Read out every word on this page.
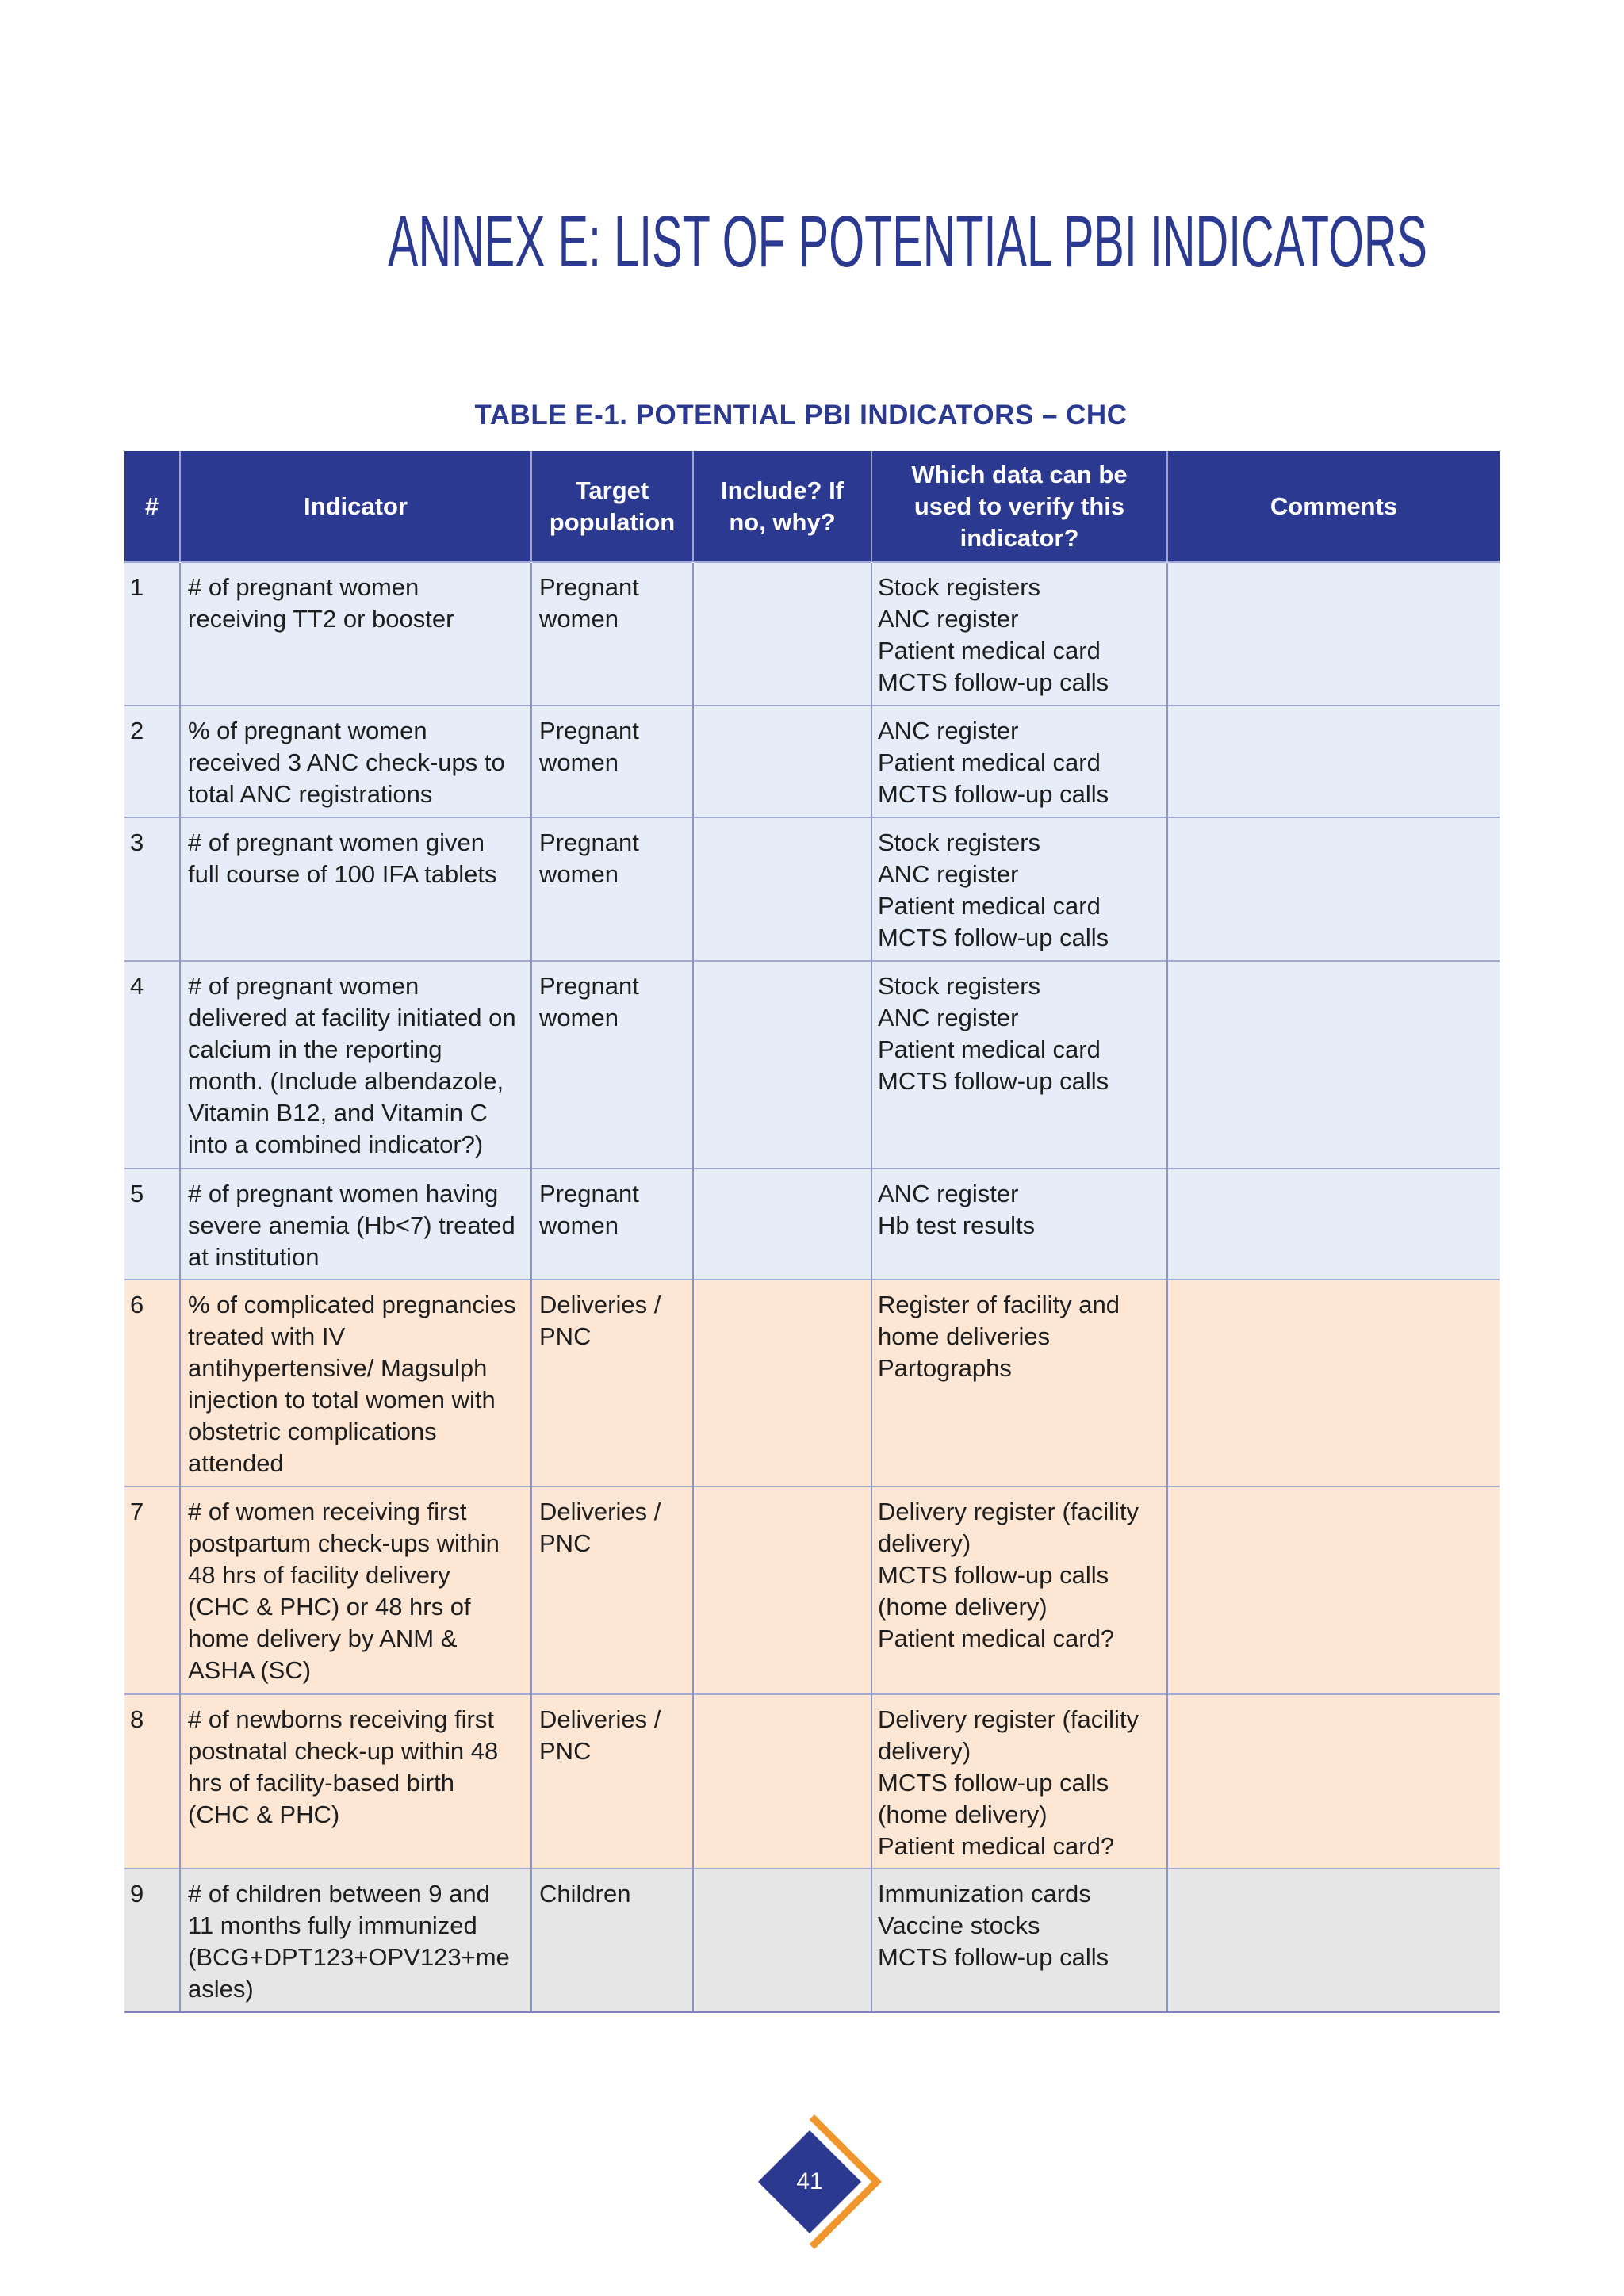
ANNEX E: LIST OF POTENTIAL PBI INDICATORS
TABLE E-1. POTENTIAL PBI INDICATORS – CHC
#	Indicator	Target population	Include? If no, why?	Which data can be used to verify this indicator?	Comments
1	# of pregnant women receiving TT2 or booster	Pregnant women		Stock registers
ANC register
Patient medical card
MCTS follow-up calls	

2	% of pregnant women received 3 ANC check-ups to total ANC registrations	Pregnant women		ANC register
Patient medical card
MCTS follow-up calls	

3	# of pregnant women given full course of 100 IFA tablets	Pregnant women		Stock registers
ANC register
Patient medical card
MCTS follow-up calls	

4	# of pregnant women delivered at facility initiated on calcium in the reporting month. (Include albendazole, Vitamin B12, and Vitamin C into a combined indicator?)	Pregnant women		Stock registers
ANC register
Patient medical card
MCTS follow-up calls	

5	# of pregnant women having severe anemia (Hb<7) treated at institution	Pregnant women		ANC register
Hb test results	

6	% of complicated pregnancies treated with IV antihypertensive/ Magsulph injection to total women with obstetric complications attended	Deliveries / PNC		Register of facility and home deliveries
Partographs	

7	# of women receiving first postpartum check-ups within 48 hrs of facility delivery (CHC & PHC) or 48 hrs of home delivery by ANM & ASHA (SC)	Deliveries / PNC		Delivery register (facility delivery)
MCTS follow-up calls (home delivery)
Patient medical card?	

8	# of newborns receiving first postnatal check-up within 48 hrs of facility-based birth (CHC & PHC)	Deliveries / PNC		Delivery register (facility delivery)
MCTS follow-up calls (home delivery)
Patient medical card?	

9	# of children between 9 and 11 months fully immunized (BCG+DPT123+OPV123+measles)	Children		Immunization cards
Vaccine stocks
MCTS follow-up calls	

41
